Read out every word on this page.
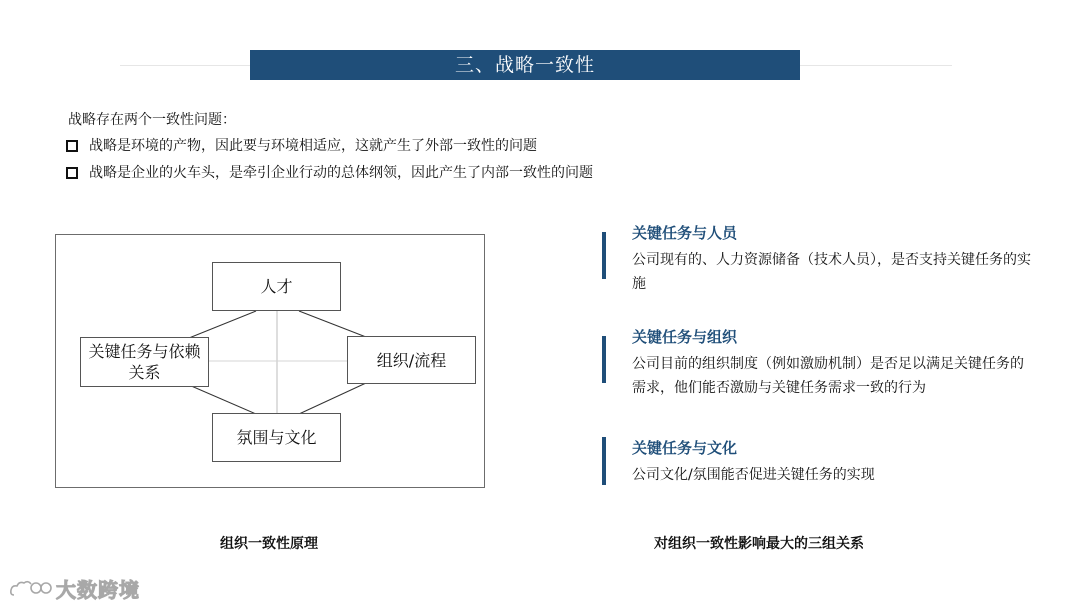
三、战略一致性
战略存在两个一致性问题：
战略是环境的产物，因此要与环境相适应，这就产生了外部一致性的问题
战略是企业的火车头，是牵引企业行动的总体纲领，因此产生了内部一致性的问题
人才
关键任务与依赖关系
组织/流程
氛围与文化
组织一致性原理
关键任务与人员
公司现有的、人力资源储备（技术人员），是否支持关键任务的实施
关键任务与组织
公司目前的组织制度（例如激励机制）是否足以满足关键任务的需求，他们能否激励与关键任务需求一致的行为
关键任务与文化
公司文化/氛围能否促进关键任务的实现
对组织一致性影响最大的三组关系
大数跨境
